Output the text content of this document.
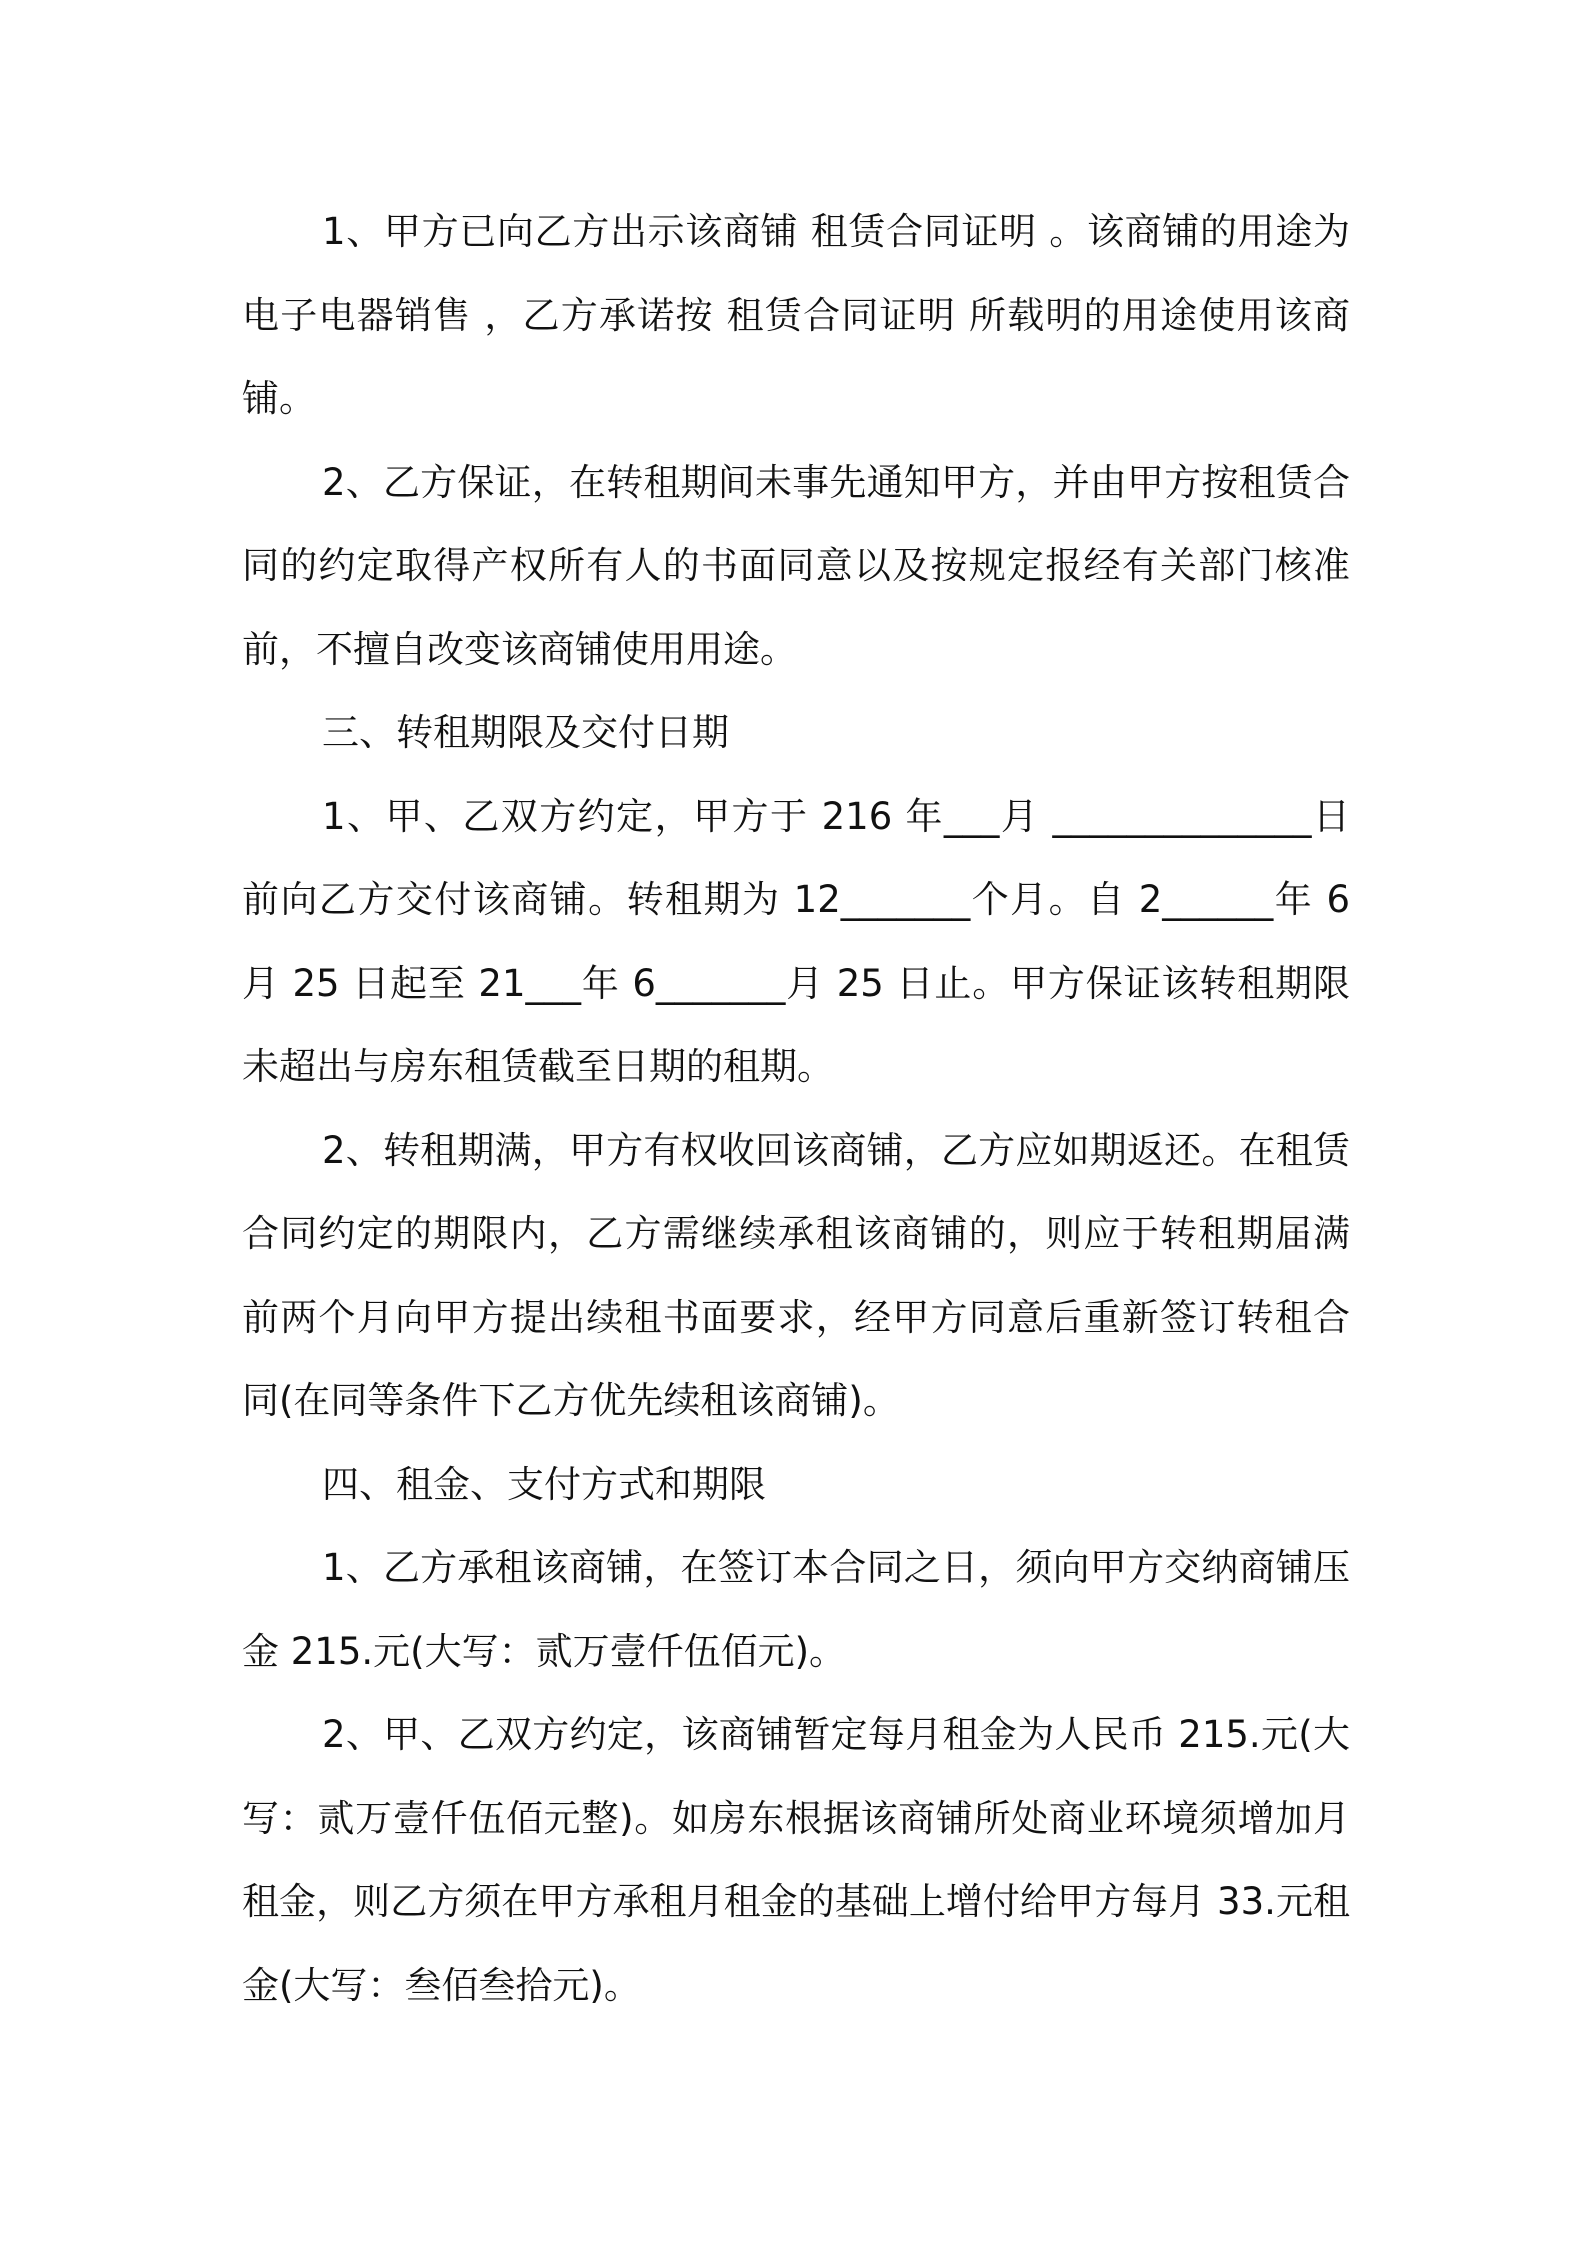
1、甲方已向乙方出示该商铺 租赁合同证明 。该商铺的用途为 电子电器销售 ，乙方承诺按 租赁合同证明 所载明的用途使用该商铺。

2、乙方保证，在转租期间未事先通知甲方，并由甲方按租赁合同的约定取得产权所有人的书面同意以及按规定报经有关部门核准前，不擅自改变该商铺使用用途。

三、转租期限及交付日期

1、甲、乙双方约定，甲方于 216 年___月 ______________日前向乙方交付该商铺。转租期为 12_______个月。自 2______年 6 月 25 日起至 21___年 6_______月 25 日止。甲方保证该转租期限未超出与房东租赁截至日期的租期。

2、转租期满，甲方有权收回该商铺，乙方应如期返还。在租赁合同约定的期限内，乙方需继续承租该商铺的，则应于转租期届满前两个月向甲方提出续租书面要求，经甲方同意后重新签订转租合同(在同等条件下乙方优先续租该商铺)。

四、租金、支付方式和期限

1、乙方承租该商铺，在签订本合同之日，须向甲方交纳商铺压金 215.元(大写：贰万壹仟伍佰元)。

2、甲、乙双方约定，该商铺暂定每月租金为人民币 215.元(大写：贰万壹仟伍佰元整)。如房东根据该商铺所处商业环境须增加月租金，则乙方须在甲方承租月租金的基础上增付给甲方每月 33.元租金(大写：叁佰叁拾元)。
